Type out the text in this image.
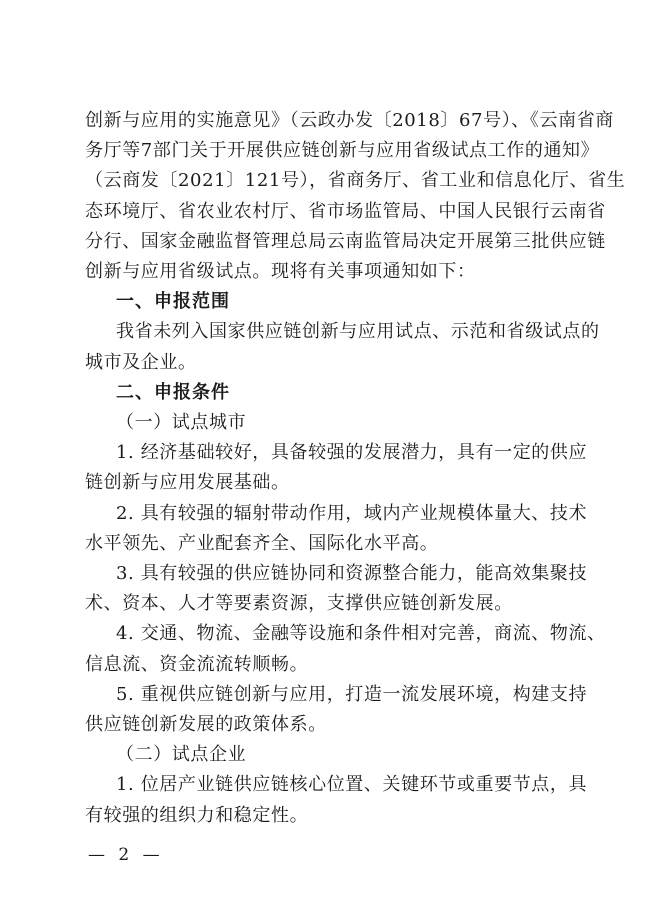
创新与应用的实施意见》（云政办发〔2018〕67号）、《云南省商
务厅等7部门关于开展供应链创新与应用省级试点工作的通知》
（云商发〔2021〕121号），省商务厅、省工业和信息化厅、省生
态环境厅、省农业农村厅、省市场监管局、中国人民银行云南省
分行、国家金融监督管理总局云南监管局决定开展第三批供应链
创新与应用省级试点。现将有关事项通知如下：
一、申报范围
我省未列入国家供应链创新与应用试点、示范和省级试点的
城市及企业。
二、申报条件
（一）试点城市
1. 经济基础较好，具备较强的发展潜力，具有一定的供应
链创新与应用发展基础。
2. 具有较强的辐射带动作用，域内产业规模体量大、技术
水平领先、产业配套齐全、国际化水平高。
3. 具有较强的供应链协同和资源整合能力，能高效集聚技
术、资本、人才等要素资源，支撑供应链创新发展。
4. 交通、物流、金融等设施和条件相对完善，商流、物流、
信息流、资金流流转顺畅。
5. 重视供应链创新与应用，打造一流发展环境，构建支持
供应链创新发展的政策体系。
（二）试点企业
1. 位居产业链供应链核心位置、关键环节或重要节点，具
有较强的组织力和稳定性。
— 2 —
